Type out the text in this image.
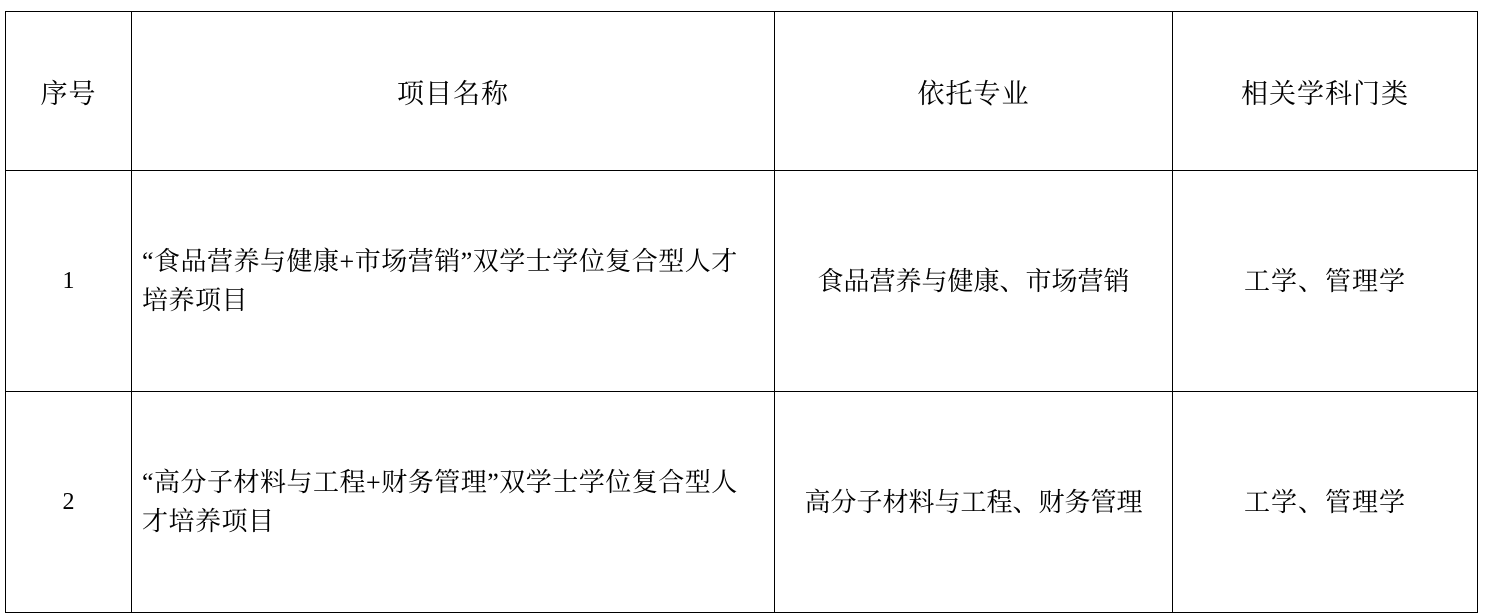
序号	项目名称	依托专业	相关学科门类
1	“食品营养与健康+市场营销”双学士学位复合型人才培养项目	食品营养与健康、市场营销	工学、管理学
2	“高分子材料与工程+财务管理”双学士学位复合型人才培养项目	高分子材料与工程、财务管理	工学、管理学
